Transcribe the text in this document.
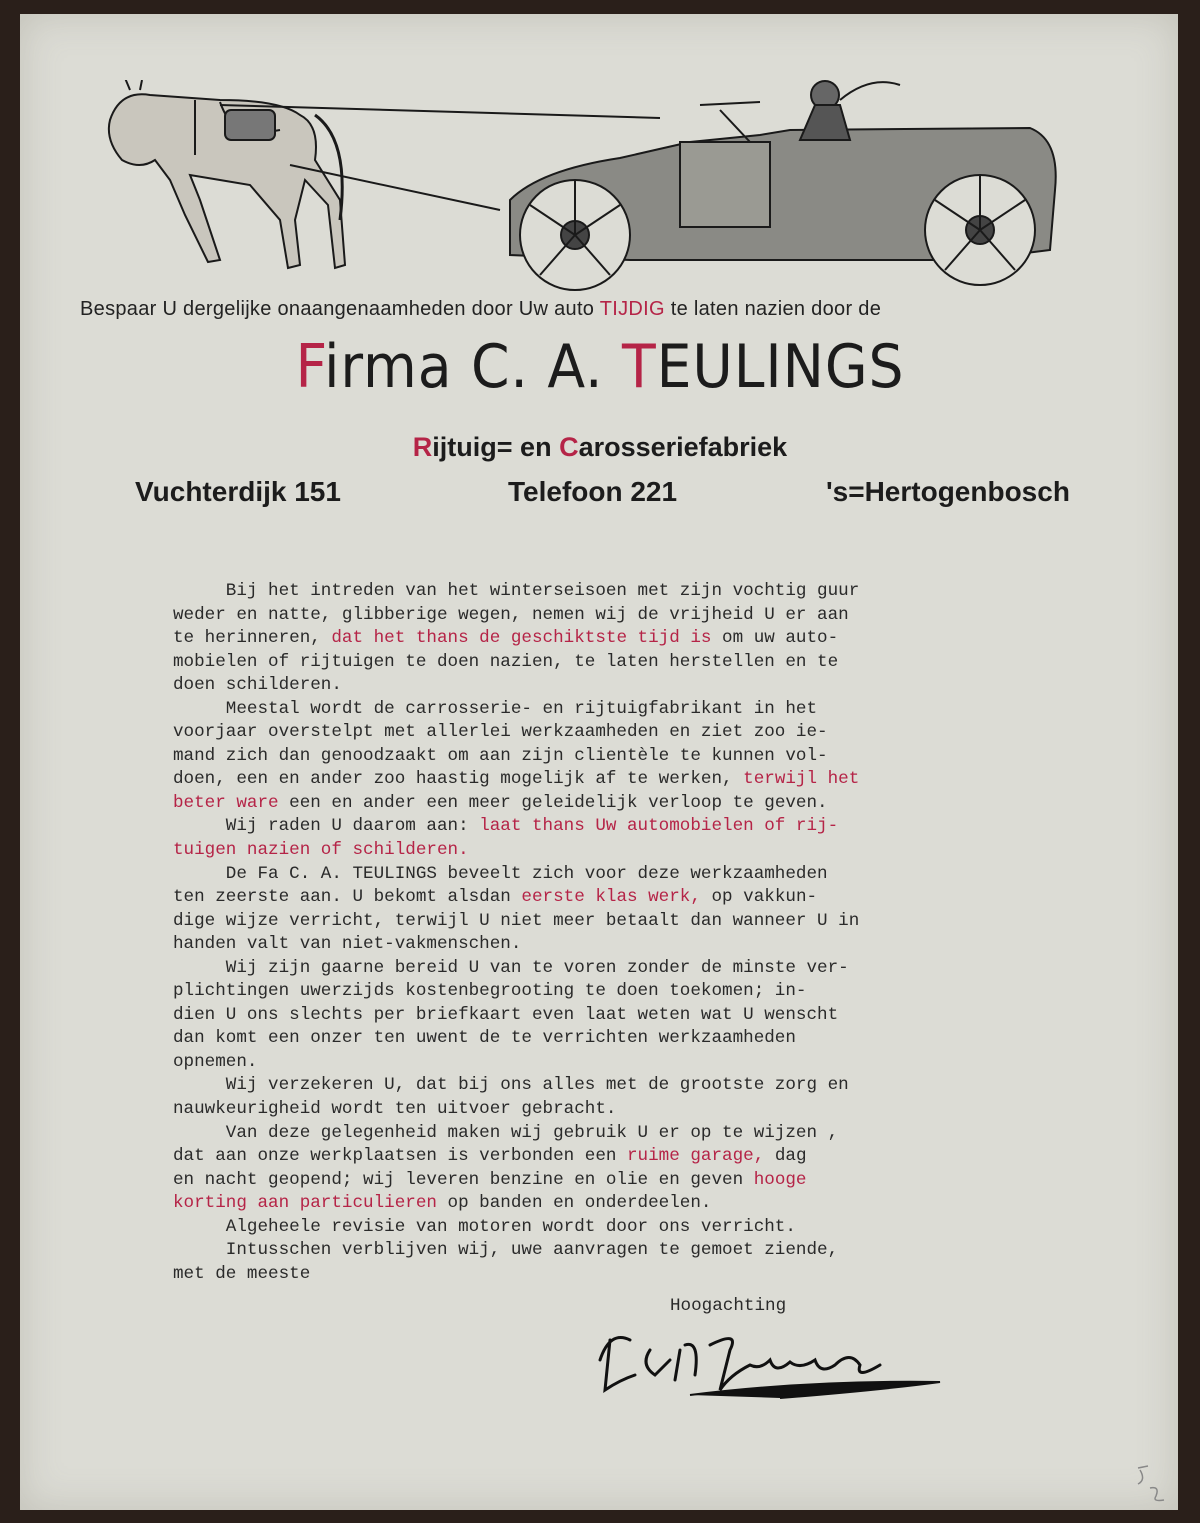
Bespaar U dergelijke onaangenaamheden door Uw auto TIJDIG te laten nazien door de
Firma C. A. TEULINGS
Rijtuig= en Carosseriefabriek
Vuchterdijk 151	Telefoon 221	's=Hertogenbosch
Bij het intreden van het winterseisoen met zijn vochtig guur
weder en natte, glibberige wegen, nemen wij de vrijheid U er aan
te herinneren, dat het thans de geschiktste tijd is om uw auto-
mobielen of rijtuigen te doen nazien, te laten herstellen en te
doen schilderen.
Meestal wordt de carrosserie- en rijtuigfabrikant in het
voorjaar overstelpt met allerlei werkzaamheden en ziet zoo ie-
mand zich dan genoodzaakt om aan zijn clientèle te kunnen vol-
doen, een en ander zoo haastig mogelijk af te werken, terwijl het
beter ware een en ander een meer geleidelijk verloop te geven.
Wij raden U daarom aan: laat thans Uw automobielen of rij-
tuigen nazien of schilderen.
De Fa C. A. TEULINGS beveelt zich voor deze werkzaamheden
ten zeerste aan. U bekomt alsdan eerste klas werk, op vakkun-
dige wijze verricht, terwijl U niet meer betaalt dan wanneer U in
handen valt van niet-vakmenschen.
Wij zijn gaarne bereid U van te voren zonder de minste ver-
plichtingen uwerzijds kostenbegrooting te doen toekomen; in-
dien U ons slechts per briefkaart even laat weten wat U wenscht
dan komt een onzer ten uwent de te verrichten werkzaamheden
opnemen.
Wij verzekeren U, dat bij ons alles met de grootste zorg en
nauwkeurigheid wordt ten uitvoer gebracht.
Van deze gelegenheid maken wij gebruik U er op te wijzen ,
dat aan onze werkplaatsen is verbonden een ruime garage, dag
en nacht geopend; wij leveren benzine en olie en geven hooge
korting aan particulieren op banden en onderdeelen.
Algeheele revisie van motoren wordt door ons verricht.
Intusschen verblijven wij, uwe aanvragen te gemoet ziende,
met de meeste
Hoogachting
